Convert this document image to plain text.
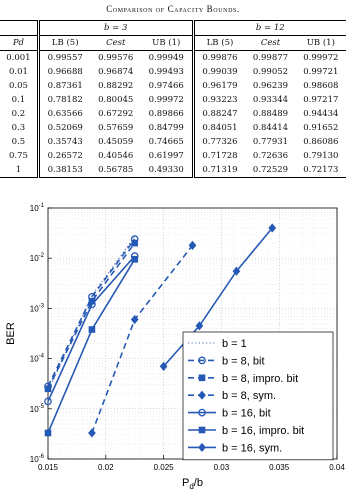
Comparison of Capacity Bounds.
	b = 3			b = 12		
Pd	LB (5)	Cest	UB (1)	LB (5)	Cest	UB (1)
0.001	0.99557	0.99576	0.99949	0.99876	0.99877	0.99972
0.01	0.96688	0.96874	0.99493	0.99039	0.99052	0.99721
0.05	0.87361	0.88292	0.97466	0.96179	0.96239	0.98608
0.1	0.78182	0.80045	0.99972	0.93223	0.93344	0.97217
0.2	0.63566	0.67292	0.89866	0.88247	0.88489	0.94434
0.3	0.52069	0.57659	0.84799	0.84051	0.84414	0.91652
0.5	0.35743	0.45059	0.74665	0.77326	0.77931	0.86086
0.75	0.26572	0.40546	0.61997	0.71728	0.72636	0.79130
1	0.38153	0.56785	0.49330	0.71319	0.72529	0.72173
0.015	0.02	0.025	0.03	0.035	0.04
$10^{-6}$
$10^{-5}$
$10^{-4}$
$10^{-3}$
$10^{-2}$
$10^{-1}$
$P_d/b$
BER	b = 1
b = 8, bit
b = 8, impro. bit
b = 8, sym.
b = 16, bit
b = 16, impro. bit
b = 16, sym.
